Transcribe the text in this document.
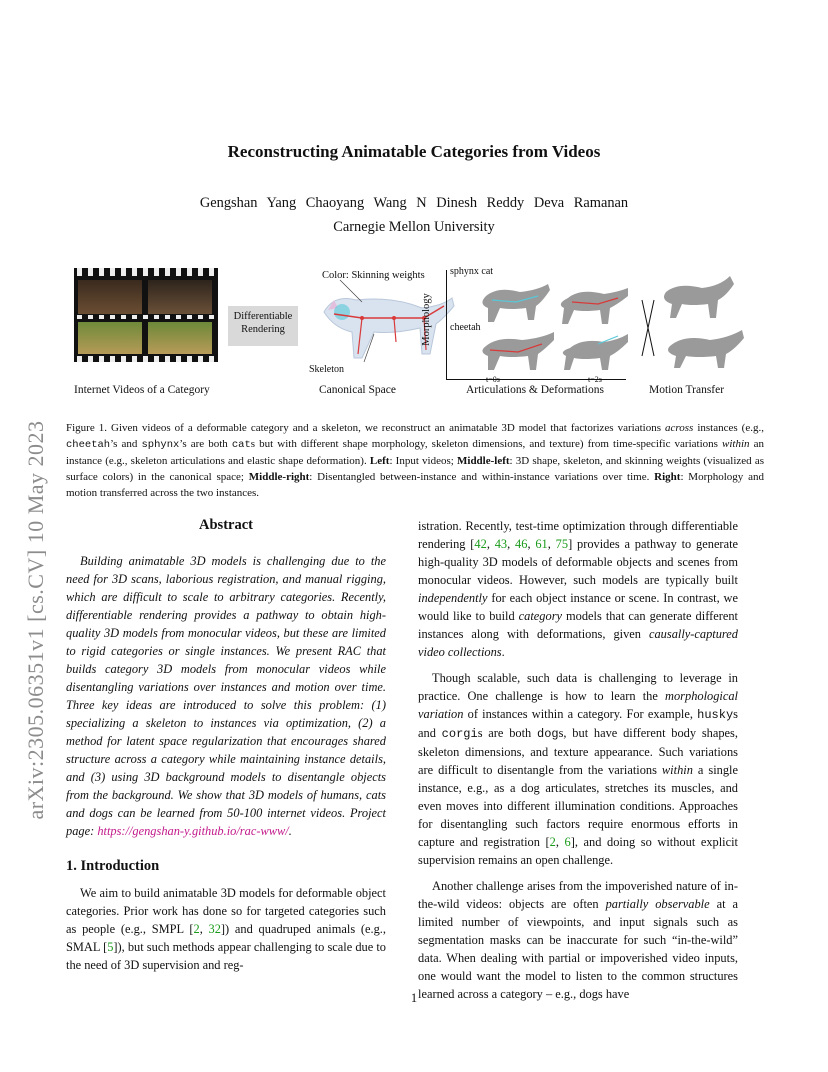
arXiv:2305.06351v1 [cs.CV] 10 May 2023
Reconstructing Animatable Categories from Videos
Gengshan Yang Chaoyang Wang N Dinesh Reddy Deva Ramanan
Carnegie Mellon University
Differentiable Rendering
Color: Skinning weights
Skeleton
Morphology
sphynx cat
cheetah
t=0s	t=2s
Internet Videos of a Category	Canonical Space	Articulations & Deformations	Motion Transfer
Figure 1. Given videos of a deformable category and a skeleton, we reconstruct an animatable 3D model that factorizes variations across instances (e.g., cheetah’s and sphynx’s are both cats but with different shape morphology, skeleton dimensions, and texture) from time-specific variations within an instance (e.g., skeleton articulations and elastic shape deformation). Left: Input videos; Middle-left: 3D shape, skeleton, and skinning weights (visualized as surface colors) in the canonical space; Middle-right: Disentangled between-instance and within-instance variations over time. Right: Morphology and motion transferred across the two instances.
Abstract

Building animatable 3D models is challenging due to the need for 3D scans, laborious registration, and manual rigging, which are difficult to scale to arbitrary categories. Recently, differentiable rendering provides a pathway to obtain high-quality 3D models from monocular videos, but these are limited to rigid categories or single instances. We present RAC that builds category 3D models from monocular videos while disentangling variations over instances and motion over time. Three key ideas are introduced to solve this problem: (1) specializing a skeleton to instances via optimization, (2) a method for latent space regularization that encourages shared structure across a category while maintaining instance details, and (3) using 3D background models to disentangle objects from the background. We show that 3D models of humans, cats and dogs can be learned from 50-100 internet videos. Project page: https://gengshan-y.github.io/rac-www/.

1. Introduction

We aim to build animatable 3D models for deformable object categories. Prior work has done so for targeted categories such as people (e.g., SMPL [2, 32]) and quadruped animals (e.g., SMAL [5]), but such methods appear challenging to scale due to the need of 3D supervision and reg-

istration. Recently, test-time optimization through differentiable rendering [42, 43, 46, 61, 75] provides a pathway to generate high-quality 3D models of deformable objects and scenes from monocular videos. However, such models are typically built independently for each object instance or scene. In contrast, we would like to build category models that can generate different instances along with deformations, given causally-captured video collections.

Though scalable, such data is challenging to leverage in practice. One challenge is how to learn the morphological variation of instances within a category. For example, huskys and corgis are both dogs, but have different body shapes, skeleton dimensions, and texture appearance. Such variations are difficult to disentangle from the variations within a single instance, e.g., as a dog articulates, stretches its muscles, and even moves into different illumination conditions. Approaches for disentangling such factors require enormous efforts in capture and registration [2, 6], and doing so without explicit supervision remains an open challenge.

Another challenge arises from the impoverished nature of in-the-wild videos: objects are often partially observable at a limited number of viewpoints, and input signals such as segmentation masks can be inaccurate for such “in-the-wild” data. When dealing with partial or impoverished video inputs, one would want the model to listen to the common structures learned across a category – e.g., dogs have

1
